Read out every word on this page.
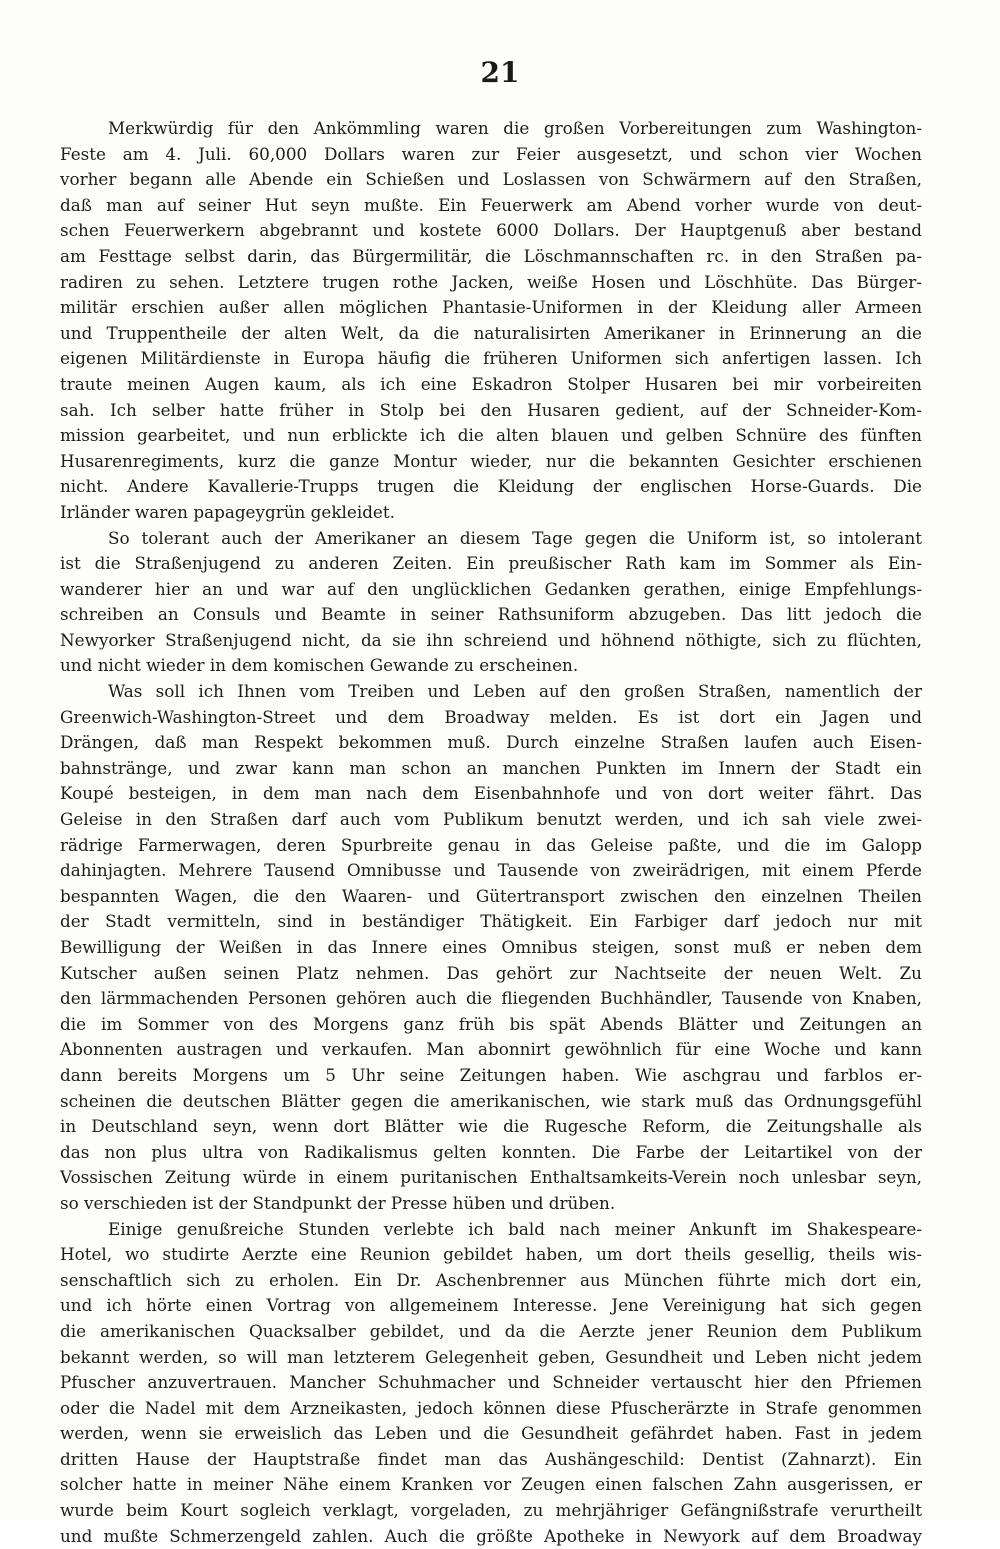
21
Merkwürdig für den Ankömmling waren die großen Vorbereitungen zum Washington-
Feste am 4. Juli. 60,000 Dollars waren zur Feier ausgesetzt, und schon vier Wochen
vorher begann alle Abende ein Schießen und Loslassen von Schwärmern auf den Straßen,
daß man auf seiner Hut seyn mußte. Ein Feuerwerk am Abend vorher wurde von deut-
schen Feuerwerkern abgebrannt und kostete 6000 Dollars. Der Hauptgenuß aber bestand
am Festtage selbst darin, das Bürgermilitär, die Löschmannschaften rc. in den Straßen pa-
radiren zu sehen. Letztere trugen rothe Jacken, weiße Hosen und Löschhüte. Das Bürger-
militär erschien außer allen möglichen Phantasie-Uniformen in der Kleidung aller Armeen
und Truppentheile der alten Welt, da die naturalisirten Amerikaner in Erinnerung an die
eigenen Militärdienste in Europa häufig die früheren Uniformen sich anfertigen lassen. Ich
traute meinen Augen kaum, als ich eine Eskadron Stolper Husaren bei mir vorbeireiten
sah. Ich selber hatte früher in Stolp bei den Husaren gedient, auf der Schneider-Kom-
mission gearbeitet, und nun erblickte ich die alten blauen und gelben Schnüre des fünften
Husarenregiments, kurz die ganze Montur wieder, nur die bekannten Gesichter erschienen
nicht. Andere Kavallerie-Trupps trugen die Kleidung der englischen Horse-Guards. Die
Irländer waren papageygrün gekleidet.
So tolerant auch der Amerikaner an diesem Tage gegen die Uniform ist, so intolerant
ist die Straßenjugend zu anderen Zeiten. Ein preußischer Rath kam im Sommer als Ein-
wanderer hier an und war auf den unglücklichen Gedanken gerathen, einige Empfehlungs-
schreiben an Consuls und Beamte in seiner Rathsuniform abzugeben. Das litt jedoch die
Newyorker Straßenjugend nicht, da sie ihn schreiend und höhnend nöthigte, sich zu flüchten,
und nicht wieder in dem komischen Gewande zu erscheinen.
Was soll ich Ihnen vom Treiben und Leben auf den großen Straßen, namentlich der
Greenwich-Washington-Street und dem Broadway melden. Es ist dort ein Jagen und
Drängen, daß man Respekt bekommen muß. Durch einzelne Straßen laufen auch Eisen-
bahnstränge, und zwar kann man schon an manchen Punkten im Innern der Stadt ein
Koupé besteigen, in dem man nach dem Eisenbahnhofe und von dort weiter fährt. Das
Geleise in den Straßen darf auch vom Publikum benutzt werden, und ich sah viele zwei-
rädrige Farmerwagen, deren Spurbreite genau in das Geleise paßte, und die im Galopp
dahinjagten. Mehrere Tausend Omnibusse und Tausende von zweirädrigen, mit einem Pferde
bespannten Wagen, die den Waaren- und Gütertransport zwischen den einzelnen Theilen
der Stadt vermitteln, sind in beständiger Thätigkeit. Ein Farbiger darf jedoch nur mit
Bewilligung der Weißen in das Innere eines Omnibus steigen, sonst muß er neben dem
Kutscher außen seinen Platz nehmen. Das gehört zur Nachtseite der neuen Welt. Zu
den lärmmachenden Personen gehören auch die fliegenden Buchhändler, Tausende von Knaben,
die im Sommer von des Morgens ganz früh bis spät Abends Blätter und Zeitungen an
Abonnenten austragen und verkaufen. Man abonnirt gewöhnlich für eine Woche und kann
dann bereits Morgens um 5 Uhr seine Zeitungen haben. Wie aschgrau und farblos er-
scheinen die deutschen Blätter gegen die amerikanischen, wie stark muß das Ordnungsgefühl
in Deutschland seyn, wenn dort Blätter wie die Rugesche Reform, die Zeitungshalle als
das non plus ultra von Radikalismus gelten konnten. Die Farbe der Leitartikel von der
Vossischen Zeitung würde in einem puritanischen Enthaltsamkeits-Verein noch unlesbar seyn,
so verschieden ist der Standpunkt der Presse hüben und drüben.
Einige genußreiche Stunden verlebte ich bald nach meiner Ankunft im Shakespeare-
Hotel, wo studirte Aerzte eine Reunion gebildet haben, um dort theils gesellig, theils wis-
senschaftlich sich zu erholen. Ein Dr. Aschenbrenner aus München führte mich dort ein,
und ich hörte einen Vortrag von allgemeinem Interesse. Jene Vereinigung hat sich gegen
die amerikanischen Quacksalber gebildet, und da die Aerzte jener Reunion dem Publikum
bekannt werden, so will man letzterem Gelegenheit geben, Gesundheit und Leben nicht jedem
Pfuscher anzuvertrauen. Mancher Schuhmacher und Schneider vertauscht hier den Pfriemen
oder die Nadel mit dem Arzneikasten, jedoch können diese Pfuscherärzte in Strafe genommen
werden, wenn sie erweislich das Leben und die Gesundheit gefährdet haben. Fast in jedem
dritten Hause der Hauptstraße findet man das Aushängeschild: Dentist (Zahnarzt). Ein
solcher hatte in meiner Nähe einem Kranken vor Zeugen einen falschen Zahn ausgerissen, er
wurde beim Kourt sogleich verklagt, vorgeladen, zu mehrjähriger Gefängnißstrafe verurtheilt
und mußte Schmerzengeld zahlen. Auch die größte Apotheke in Newyork auf dem Broadway
